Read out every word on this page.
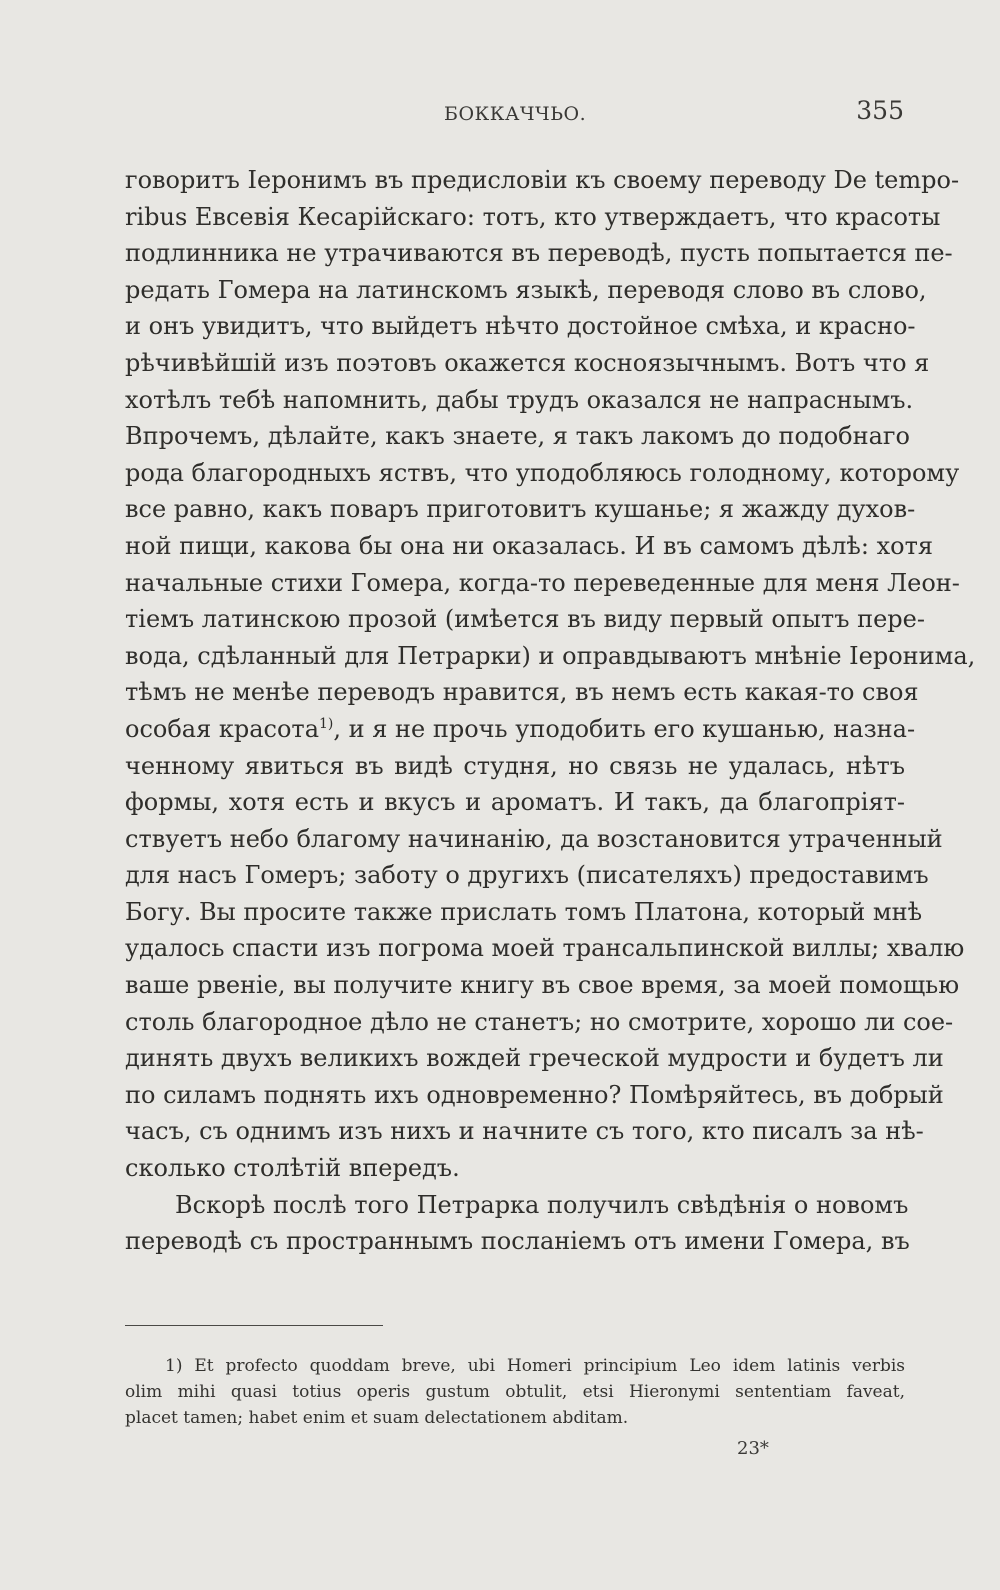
БОККАЧЧЬО.	355
говоритъ Іеронимъ въ предисловіи къ своему переводу De tempo-
ribus Евсевія Кесарійскаго: тотъ, кто утверждаетъ, что красоты
подлинника не утрачиваются въ переводѣ, пусть попытается пе-
редать Гомера на латинскомъ языкѣ, переводя слово въ слово,
и онъ увидитъ, что выйдетъ нѣчто достойное смѣха, и красно-
рѣчивѣйшій изъ поэтовъ окажется косноязычнымъ. Вотъ что я
хотѣлъ тебѣ напомнить, дабы трудъ оказался не напраснымъ.
Впрочемъ, дѣлайте, какъ знаете, я такъ лакомъ до подобнаго
рода благородныхъ яствъ, что уподобляюсь голодному, которому
все равно, какъ поваръ приготовитъ кушанье; я жажду духов-
ной пищи, какова бы она ни оказалась. И въ самомъ дѣлѣ: хотя
начальные стихи Гомера, когда-то переведенные для меня Леон-
тіемъ латинскою прозой (имѣется въ виду первый опытъ пере-
вода, сдѣланный для Петрарки) и оправдываютъ мнѣніе Іеронима,
тѣмъ не менѣе переводъ нравится, въ немъ есть какая-то своя
особая красота$^{1)}$, и я не прочь уподобить его кушанью, назна-
ченному явиться въ видѣ студня, но связь не удалась, нѣтъ
формы, хотя есть и вкусъ и ароматъ. И такъ, да благопріят-
ствуетъ небо благому начинанію, да возстановится утраченный
для насъ Гомеръ; заботу о другихъ (писателяхъ) предоставимъ
Богу. Вы просите также прислать томъ Платона, который мнѣ
удалось спасти изъ погрома моей трансальпинской виллы; хвалю
ваше рвеніе, вы получите книгу въ свое время, за моей помощью
столь благородное дѣло не станетъ; но смотрите, хорошо ли сое-
динять двухъ великихъ вождей греческой мудрости и будетъ ли
по силамъ поднять ихъ одновременно? Помѣряйтесь, въ добрый
часъ, съ однимъ изъ нихъ и начните съ того, кто писалъ за нѣ-
сколько столѣтій впередъ.
Вскорѣ послѣ того Петрарка получилъ свѣдѣнія о новомъ
переводѣ съ пространнымъ посланіемъ отъ имени Гомера, въ
1) Et profecto quoddam breve, ubi Homeri principium Leo idem latinis verbis
olim mihi quasi totius operis gustum obtulit, etsi Hieronymi sententiam faveat,
placet tamen; habet enim et suam delectationem abditam.
23*
